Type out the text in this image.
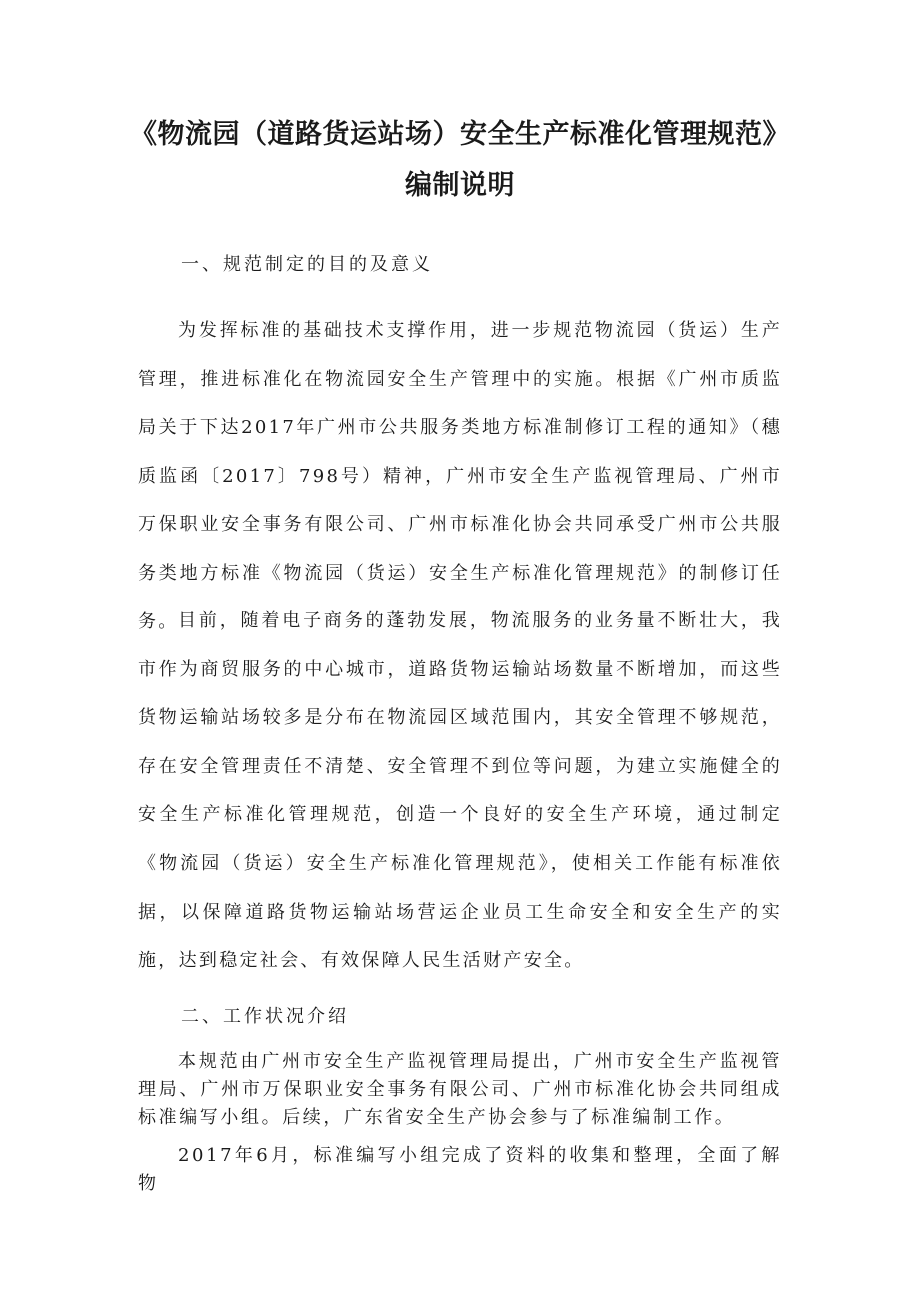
《物流园（道路货运站场）安全生产标准化管理规范》
编制说明

一、规范制定的目的及意义

为发挥标准的基础技术支撑作用，进一步规范物流园（货运）生产管理，推进标准化在物流园安全生产管理中的实施。根据《广州市质监局关于下达2017年广州市公共服务类地方标准制修订工程的通知》（穗质监函〔2017〕798号）精神，广州市安全生产监视管理局、广州市万保职业安全事务有限公司、广州市标准化协会共同承受广州市公共服务类地方标准《物流园（货运）安全生产标准化管理规范》的制修订任务。 目前，随着电子商务的蓬勃发展，物流服务的业务量不断壮大，我市作为商贸服务的中心城市，道路货物运输站场数量不断增加，而这些货物运输站场较多是分布在物流园区域范围内，其安全管理不够规范，存在安全管理责任不清楚、安全管理不到位等问题，为建立实施健全的安全生产标准化管理规范，创造一个良好的安全生产环境，通过制定《物流园（货运）安全生产标准化管理规范》，使相关工作能有标准依据，以保障道路货物运输站场营运企业员工生命安全和安全生产的实施，达到稳定社会、有效保障人民生活财产安全。

二、工作状况介绍

本规范由广州市安全生产监视管理局提出，广州市安全生产监视管理局、广州市万保职业安全事务有限公司、广州市标准化协会共同组成标准编写小组。后续，广东省安全生产协会参与了标准编制工作。

2017年6月，标准编写小组完成了资料的收集和整理，全面了解物
